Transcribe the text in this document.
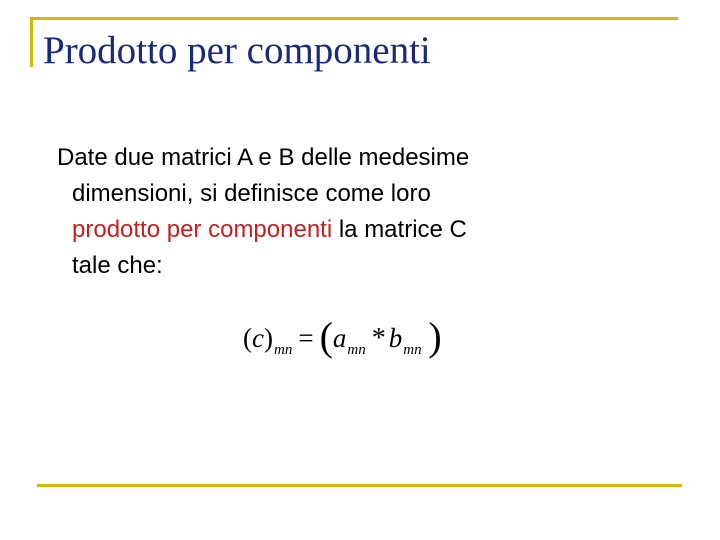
Prodotto per componenti

Date due matrici A e B delle medesime
dimensioni, si definisce come loro
prodotto per componenti la matrice C
tale che:

$(c)_{mn} = (a_{mn} * b_{mn}$ )
